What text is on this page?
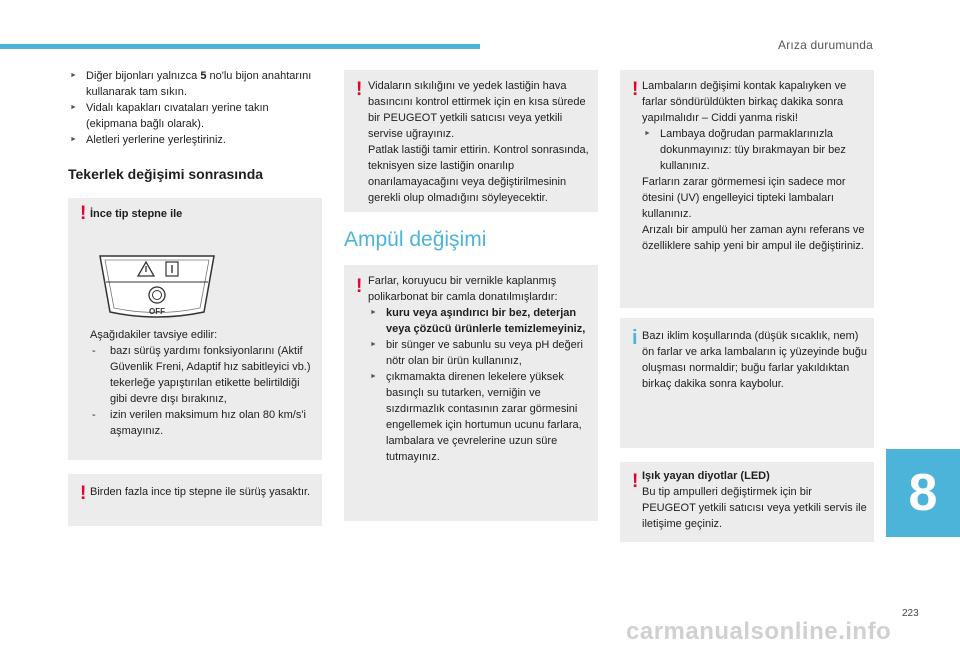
Arıza durumunda
► Diğer bijonları yalnızca 5 no'lu bijon anahtarını kullanarak tam sıkın.
► Vidalı kapakları cıvataları yerine takın (ekipmana bağlı olarak).
► Aletleri yerlerine yerleştiriniz.
Tekerlek değişimi sonrasında
! İnce tip stepne ile
OFF
Aşağıdakiler tavsiye edilir:
- bazı sürüş yardımı fonksiyonlarını (Aktif Güvenlik Freni, Adaptif hız sabitleyici vb.) tekerleğe yapıştırılan etikette belirtildiği gibi devre dışı bırakınız,
- izin verilen maksimum hız olan 80 km/s'i aşmayınız.
! Birden fazla ince tip stepne ile sürüş yasaktır.
! Vidaların sıkılığını ve yedek lastiğin hava basıncını kontrol ettirmek için en kısa sürede bir PEUGEOT yetkili satıcısı veya yetkili servise uğrayınız.
Patlak lastiği tamir ettirin. Kontrol sonrasında, teknisyen size lastiğin onarılıp onarılamayacağını veya değiştirilmesinin gerekli olup olmadığını söyleyecektir.
Ampül değişimi
! Farlar, koruyucu bir vernikle kaplanmış polikarbonat bir camla donatılmışlardır:
► kuru veya aşındırıcı bir bez, deterjan veya çözücü ürünlerle temizlemeyiniz,
► bir sünger ve sabunlu su veya pH değeri nötr olan bir ürün kullanınız,
► çıkmamakta direnen lekelere yüksek basınçlı su tutarken, verniğin ve sızdırmazlık contasının zarar görmesini engellemek için hortumun ucunu farlara, lambalara ve çevrelerine uzun süre tutmayınız.
! Lambaların değişimi kontak kapalıyken ve farlar söndürüldükten birkaç dakika sonra yapılmalıdır – Ciddi yanma riski!
► Lambaya doğrudan parmaklarınızla dokunmayınız: tüy bırakmayan bir bez kullanınız.
Farların zarar görmemesi için sadece mor ötesini (UV) engelleyici tipteki lambaları kullanınız.
Arızalı bir ampulü her zaman aynı referans ve özelliklere sahip yeni bir ampul ile değiştiriniz.
i Bazı iklim koşullarında (düşük sıcaklık, nem) ön farlar ve arka lambaların iç yüzeyinde buğu oluşması normaldir; buğu farlar yakıldıktan birkaç dakika sonra kaybolur.
! Işık yayan diyotlar (LED)
Bu tip ampulleri değiştirmek için bir PEUGEOT yetkili satıcısı veya yetkili servis ile iletişime geçiniz.
8
223
carmanualsonline.info
